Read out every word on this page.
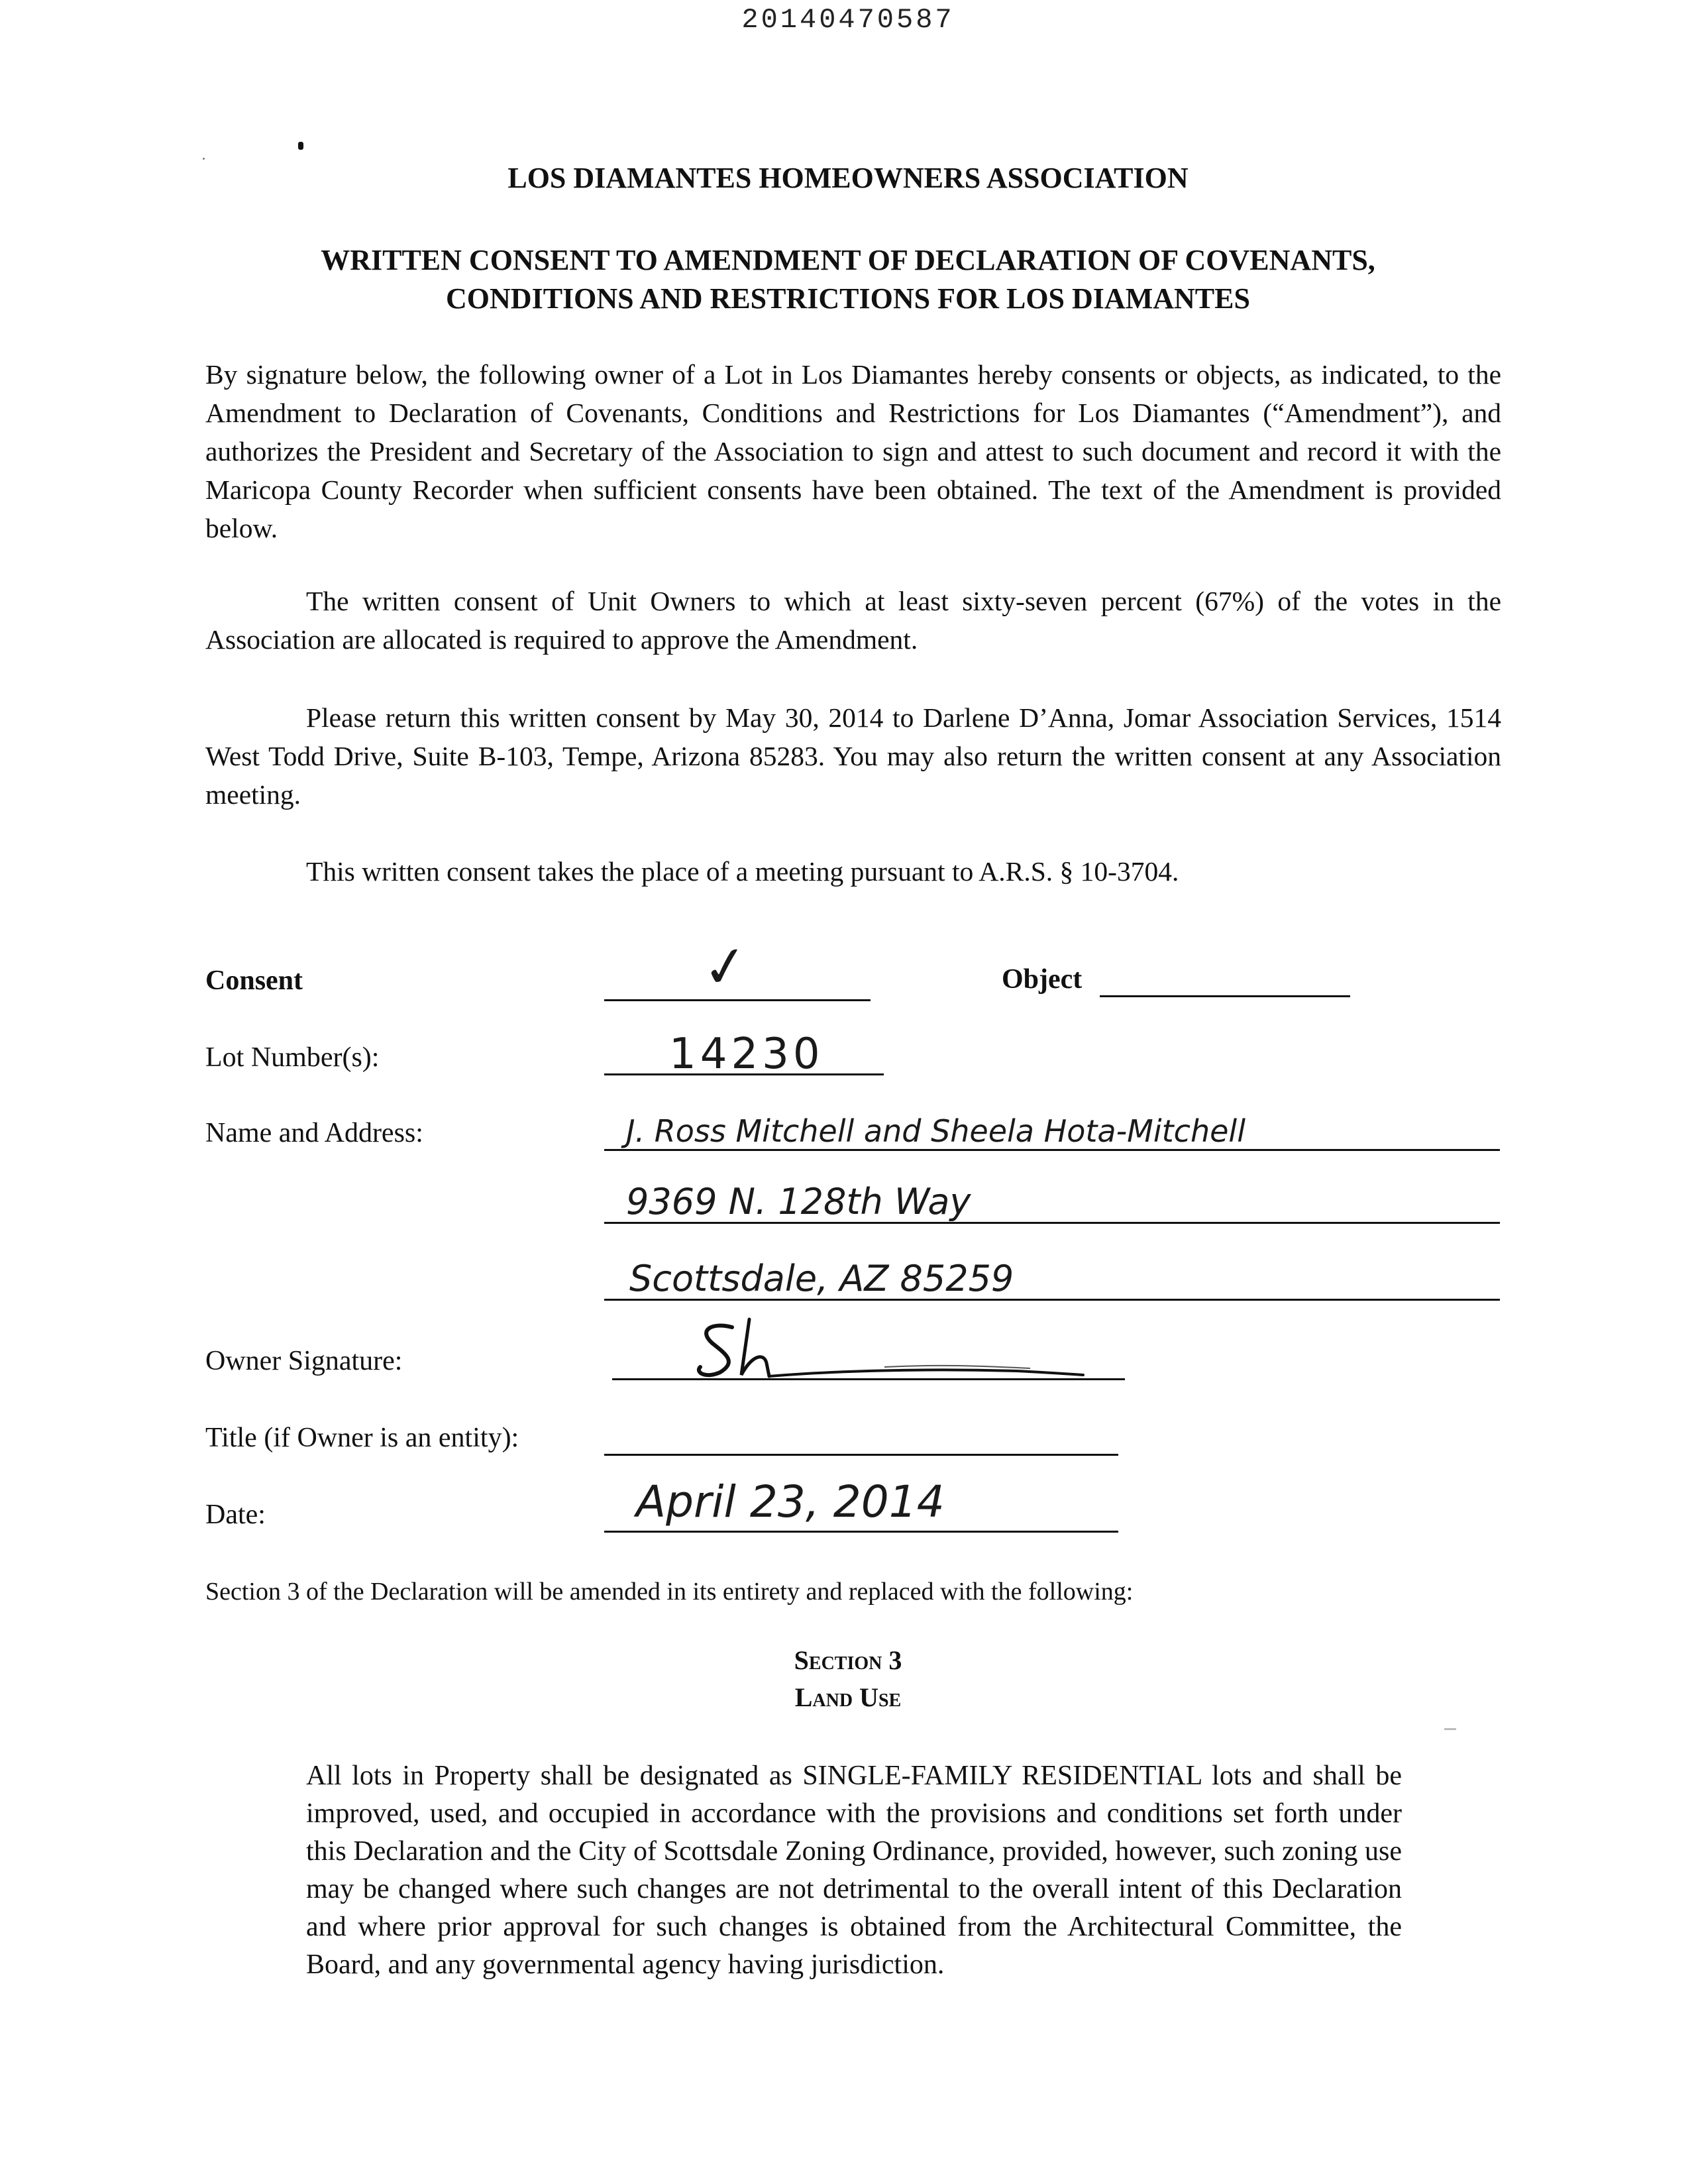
20140470587
LOS DIAMANTES HOMEOWNERS ASSOCIATION
WRITTEN CONSENT TO AMENDMENT OF DECLARATION OF COVENANTS,
CONDITIONS AND RESTRICTIONS FOR LOS DIAMANTES
By signature below, the following owner of a Lot in Los Diamantes hereby consents or objects, as indicated, to the Amendment to Declaration of Covenants, Conditions and Restrictions for Los Diamantes (“Amendment”), and authorizes the President and Secretary of the Association to sign and attest to such document and record it with the Maricopa County Recorder when sufficient consents have been obtained. The text of the Amendment is provided below.
The written consent of Unit Owners to which at least sixty-seven percent (67%) of the votes in the Association are allocated is required to approve the Amendment.
Please return this written consent by May 30, 2014 to Darlene D’Anna, Jomar Association Services, 1514 West Todd Drive, Suite B-103, Tempe, Arizona 85283. You may also return the written consent at any Association meeting.
This written consent takes the place of a meeting pursuant to A.R.S. § 10-3704.
Consent	✓	Object
Lot Number(s):	14230
Name and Address:	J. Ross Mitchell and Sheela Hota-Mitchell
9369 N. 128th Way
Scottsdale, AZ 85259
Owner Signature:
Title (if Owner is an entity):
Date:	April 23, 2014
Section 3 of the Declaration will be amended in its entirety and replaced with the following:
Section 3
Land Use
All lots in Property shall be designated as SINGLE-FAMILY RESIDENTIAL lots and shall be improved, used, and occupied in accordance with the provisions and conditions set forth under this Declaration and the City of Scottsdale Zoning Ordinance, provided, however, such zoning use may be changed where such changes are not detrimental to the overall intent of this Declaration and where prior approval for such changes is obtained from the Architectural Committee, the Board, and any governmental agency having jurisdiction.
